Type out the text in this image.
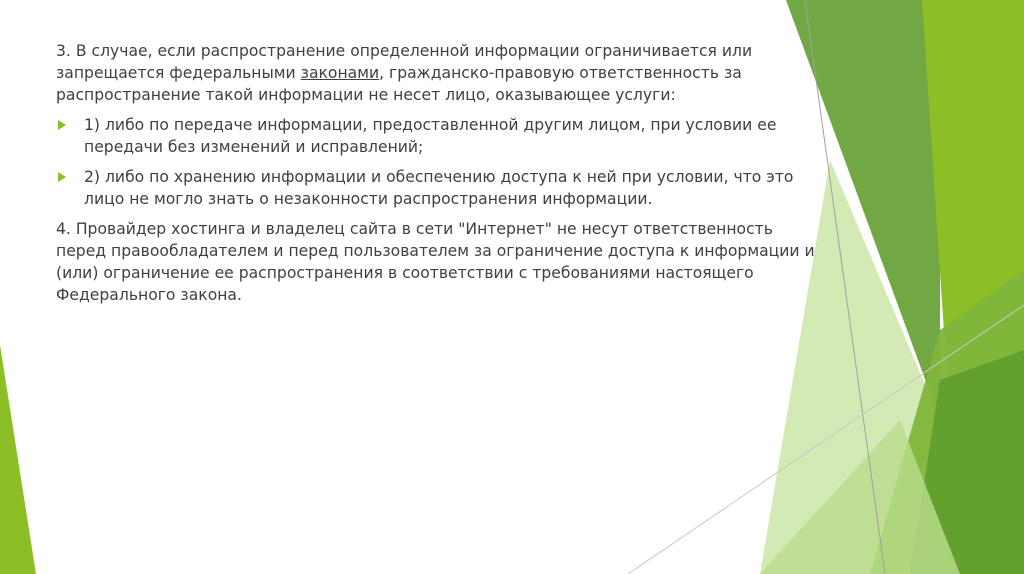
3. В случае, если распространение определенной информации ограничивается или запрещается федеральными законами, гражданско-правовую ответственность за распространение такой информации не несет лицо, оказывающее услуги:

1) либо по передаче информации, предоставленной другим лицом, при условии ее передачи без изменений и исправлений;
2) либо по хранению информации и обеспечению доступа к ней при условии, что это лицо не могло знать о незаконности распространения информации.

4. Провайдер хостинга и владелец сайта в сети "Интернет" не несут ответственность перед правообладателем и перед пользователем за ограничение доступа к информации и (или) ограничение ее распространения в соответствии с требованиями настоящего Федерального закона.
